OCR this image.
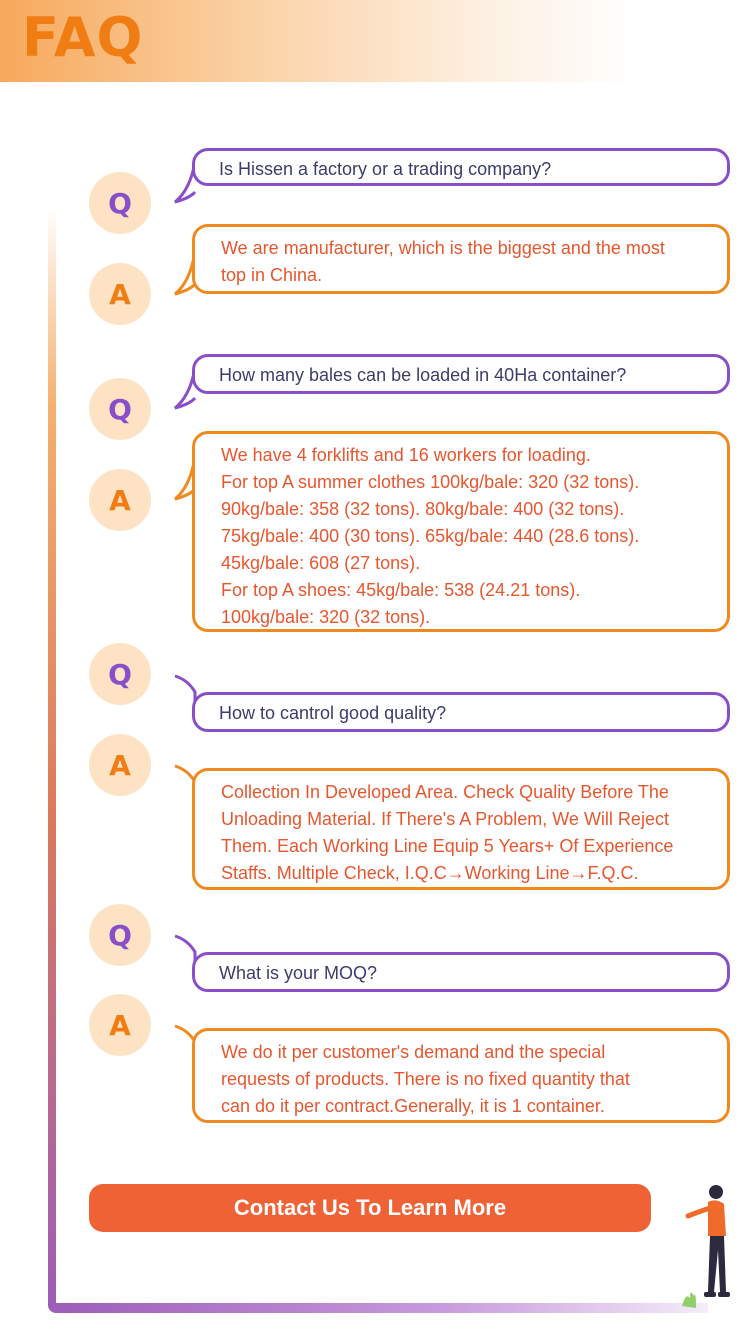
FAQ
Q
Is Hissen a factory or a trading company?
A
We are manufacturer, which is the biggest and the most
top in China.
Q
How many bales can be loaded in 40Ha container?
A
We have 4 forklifts and 16 workers for loading.
For top A summer clothes 100kg/bale: 320 (32 tons).
90kg/bale: 358 (32 tons). 80kg/bale: 400 (32 tons).
75kg/bale: 400 (30 tons). 65kg/bale: 440 (28.6 tons).
45kg/bale: 608 (27 tons).
For top A shoes: 45kg/bale: 538 (24.21 tons).
100kg/bale: 320 (32 tons).
Q
How to cantrol good quality?
A
Collection In Developed Area. Check Quality Before The
Unloading Material. If There's A Problem, We Will Reject
Them. Each Working Line Equip 5 Years+ Of Experience
Staffs. Multiple Check, I.Q.C→Working Line→F.Q.C.
Q
What is your MOQ?
A
We do it per customer's demand and the special
requests of products. There is no fixed quantity that
can do it per contract.Generally, it is 1 container.
Contact Us To Learn More
